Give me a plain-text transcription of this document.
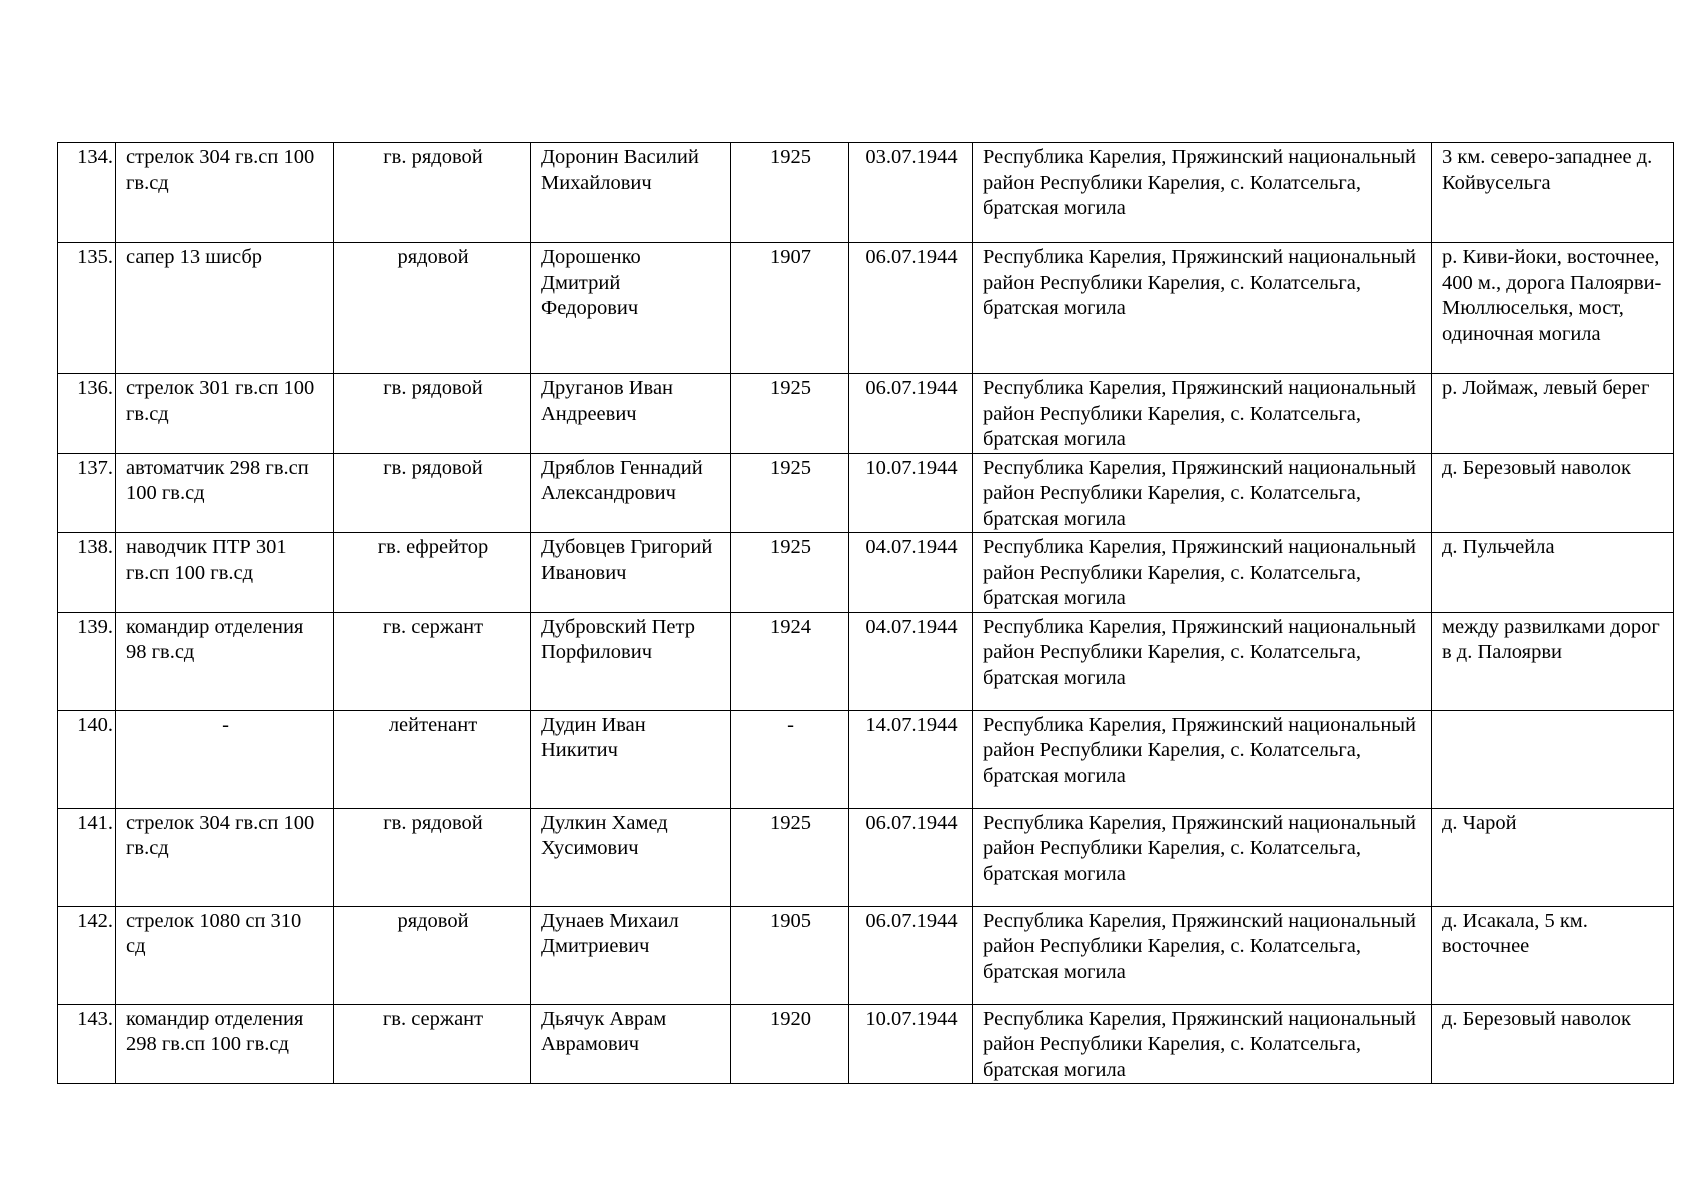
134.	стрелок 304 гв.сп 100 гв.сд	гв. рядовой	Доронин Василий Михайлович	1925	03.07.1944	Республика Карелия, Пряжинский национальный район Республики Карелия, с. Колатсельга, братская могила	3 км. северо-западнее д. Койвусельга
135.	сапер 13 шисбр	рядовой	Дорошенко Дмитрий Федорович	1907	06.07.1944	Республика Карелия, Пряжинский национальный район Республики Карелия, с. Колатсельга, братская могила	р. Киви-йоки, восточнее, 400 м., дорога Палоярви-Мюллюселькя, мост, одиночная могила
136.	стрелок 301 гв.сп 100 гв.сд	гв. рядовой	Друганов Иван Андреевич	1925	06.07.1944	Республика Карелия, Пряжинский национальный район Республики Карелия, с. Колатсельга, братская могила	р. Лоймаж, левый берег
137.	автоматчик 298 гв.сп 100 гв.сд	гв. рядовой	Дряблов Геннадий Александрович	1925	10.07.1944	Республика Карелия, Пряжинский национальный район Республики Карелия, с. Колатсельга, братская могила	д. Березовый наволок
138.	наводчик ПТР 301 гв.сп 100 гв.сд	гв. ефрейтор	Дубовцев Григорий Иванович	1925	04.07.1944	Республика Карелия, Пряжинский национальный район Республики Карелия, с. Колатсельга, братская могила	д. Пульчейла
139.	командир отделения 98 гв.сд	гв. сержант	Дубровский Петр Порфилович	1924	04.07.1944	Республика Карелия, Пряжинский национальный район Республики Карелия, с. Колатсельга, братская могила	между развилками дорог в д. Палоярви
140.	-	лейтенант	Дудин Иван Никитич	-	14.07.1944	Республика Карелия, Пряжинский национальный район Республики Карелия, с. Колатсельга, братская могила	
141.	стрелок 304 гв.сп 100 гв.сд	гв. рядовой	Дулкин Хамед Хусимович	1925	06.07.1944	Республика Карелия, Пряжинский национальный район Республики Карелия, с. Колатсельга, братская могила	д. Чарой
142.	стрелок 1080 сп 310 сд	рядовой	Дунаев Михаил Дмитриевич	1905	06.07.1944	Республика Карелия, Пряжинский национальный район Республики Карелия, с. Колатсельга, братская могила	д. Исакала, 5 км. восточнее
143.	командир отделения 298 гв.сп 100 гв.сд	гв. сержант	Дьячук Аврам Аврамович	1920	10.07.1944	Республика Карелия, Пряжинский национальный район Республики Карелия, с. Колатсельга, братская могила	д. Березовый наволок
